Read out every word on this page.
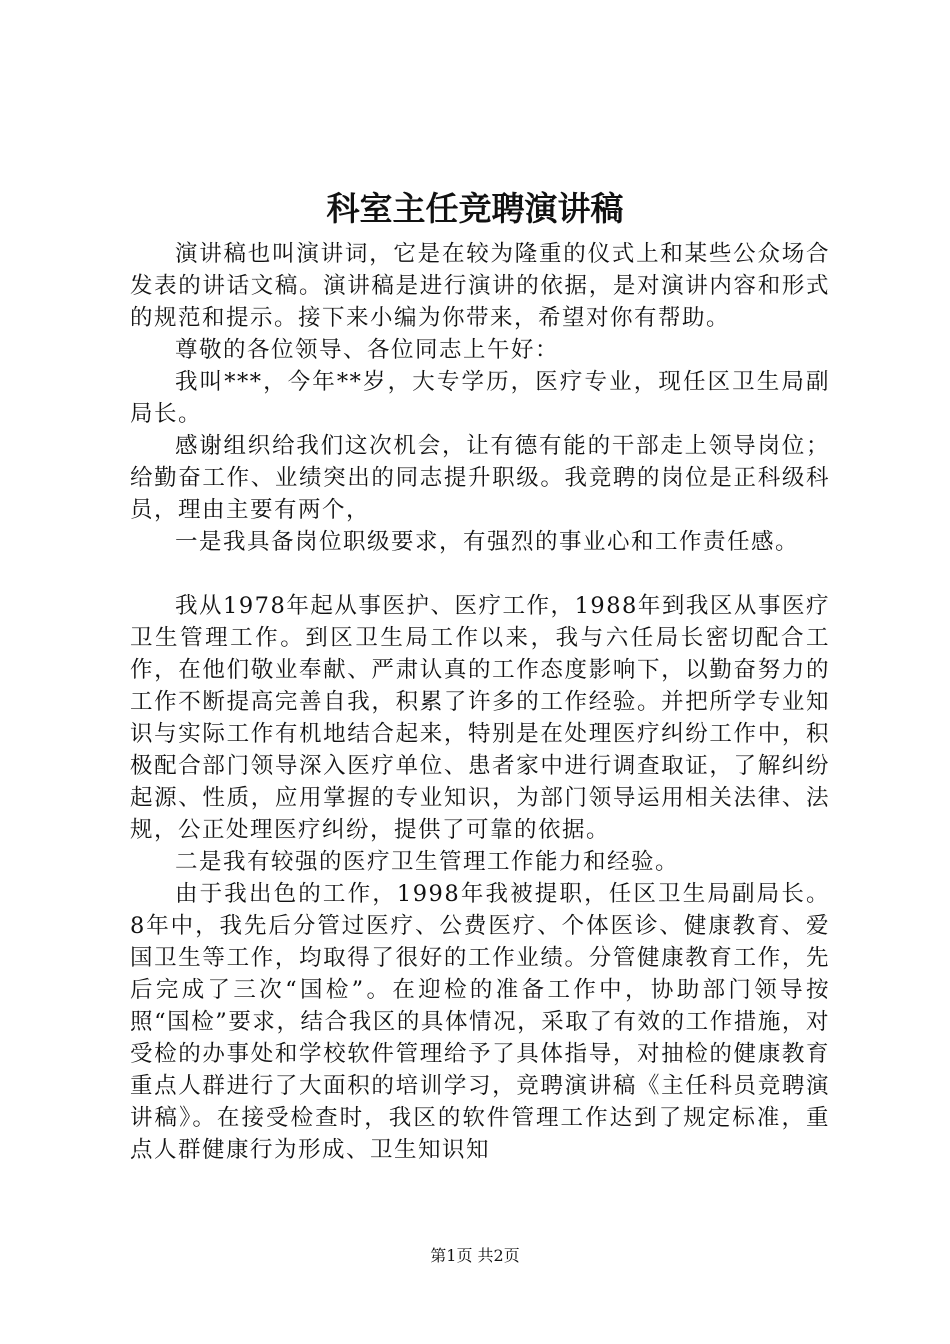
科室主任竞聘演讲稿

演讲稿也叫演讲词，它是在较为隆重的仪式上和某些公众场合发表的讲话文稿。演讲稿是进行演讲的依据，是对演讲内容和形式的规范和提示。接下来小编为你带来，希望对你有帮助。

尊敬的各位领导、各位同志上午好：

我叫***，今年**岁，大专学历，医疗专业，现任区卫生局副局长。

感谢组织给我们这次机会，让有德有能的干部走上领导岗位；给勤奋工作、业绩突出的同志提升职级。我竞聘的岗位是正科级科员，理由主要有两个，

一是我具备岗位职级要求，有强烈的事业心和工作责任感。

我从1978年起从事医护、医疗工作，1988年到我区从事医疗卫生管理工作。到区卫生局工作以来，我与六任局长密切配合工作，在他们敬业奉献、严肃认真的工作态度影响下，以勤奋努力的工作不断提高完善自我，积累了许多的工作经验。并把所学专业知识与实际工作有机地结合起来，特别是在处理医疗纠纷工作中，积极配合部门领导深入医疗单位、患者家中进行调查取证，了解纠纷起源、性质，应用掌握的专业知识，为部门领导运用相关法律、法规，公正处理医疗纠纷，提供了可靠的依据。

二是我有较强的医疗卫生管理工作能力和经验。

由于我出色的工作，1998年我被提职，任区卫生局副局长。8年中，我先后分管过医疗、公费医疗、个体医诊、健康教育、爱国卫生等工作，均取得了很好的工作业绩。分管健康教育工作，先后完成了三次“国检”。在迎检的准备工作中，协助部门领导按照“国检”要求，结合我区的具体情况，采取了有效的工作措施，对受检的办事处和学校软件管理给予了具体指导，对抽检的健康教育重点人群进行了大面积的培训学习，竞聘演讲稿《主任科员竞聘演讲稿》。在接受检查时，我区的软件管理工作达到了规定标准，重点人群健康行为形成、卫生知识知

第1页 共2页
